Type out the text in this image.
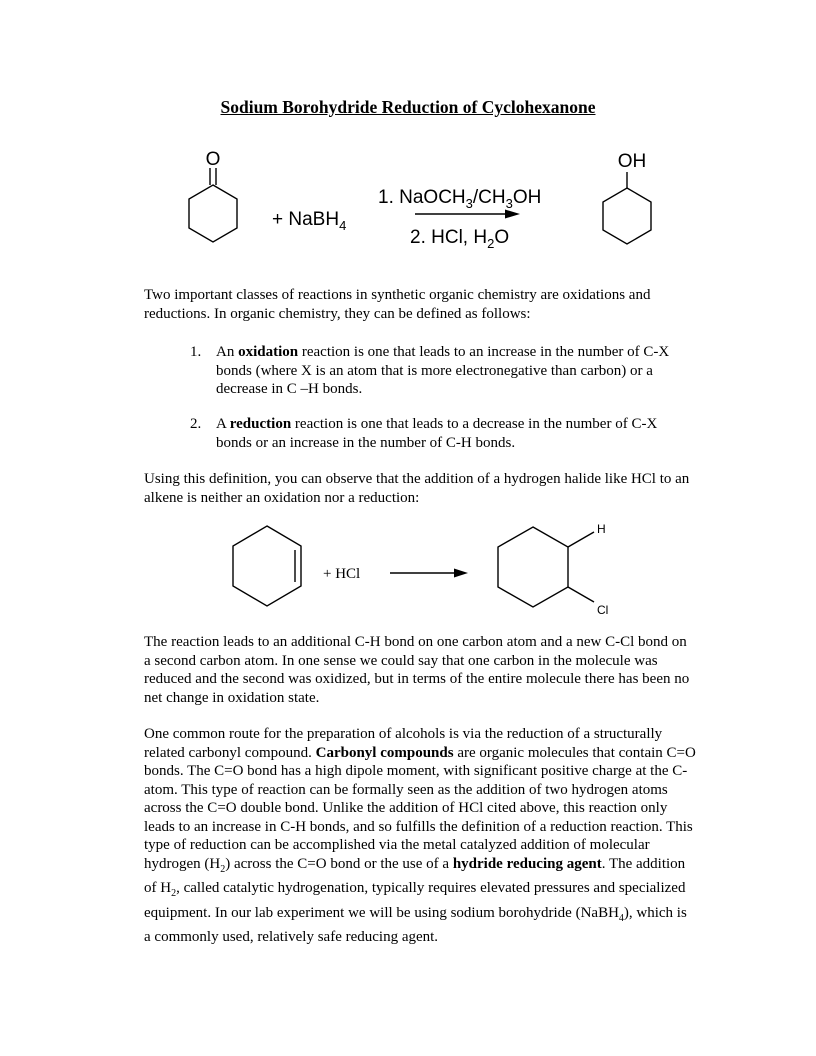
Sodium Borohydride Reduction of Cyclohexanone
O
+ NaBH$_4$
1. $NaOCH_3/CH_3OH$
2. HCl, $H_2O$
OH
Two important classes of reactions in synthetic organic chemistry are oxidations and reductions. In organic chemistry, they can be defined as follows:
1. An oxidation reaction is one that leads to an increase in the number of C-X bonds (where X is an atom that is more electronegative than carbon) or a decrease in C –H bonds.
2. A reduction reaction is one that leads to a decrease in the number of C-X bonds or an increase in the number of C-H bonds.
Using this definition, you can observe that the addition of a hydrogen halide like HCl to an alkene is neither an oxidation nor a reduction:
+ HCl
H
Cl
The reaction leads to an additional C-H bond on one carbon atom and a new C-Cl bond on a second carbon atom. In one sense we could say that one carbon in the molecule was reduced and the second was oxidized, but in terms of the entire molecule there has been no net change in oxidation state.
One common route for the preparation of alcohols is via the reduction of a structurally related carbonyl compound. Carbonyl compounds are organic molecules that contain C=O bonds. The C=O bond has a high dipole moment, with significant positive charge at the C-atom. This type of reaction can be formally seen as the addition of two hydrogen atoms across the C=O double bond. Unlike the addition of HCl cited above, this reaction only leads to an increase in C-H bonds, and so fulfills the definition of a reduction reaction. This type of reduction can be accomplished via the metal catalyzed addition of molecular hydrogen $(H_2)$ across the C=O bond or the use of a hydride reducing agent. The addition of $H_2$, called catalytic hydrogenation, typically requires elevated pressures and specialized equipment. In our lab experiment we will be using sodium borohydride (NaBH$_4$), which is a commonly used, relatively safe reducing agent.
